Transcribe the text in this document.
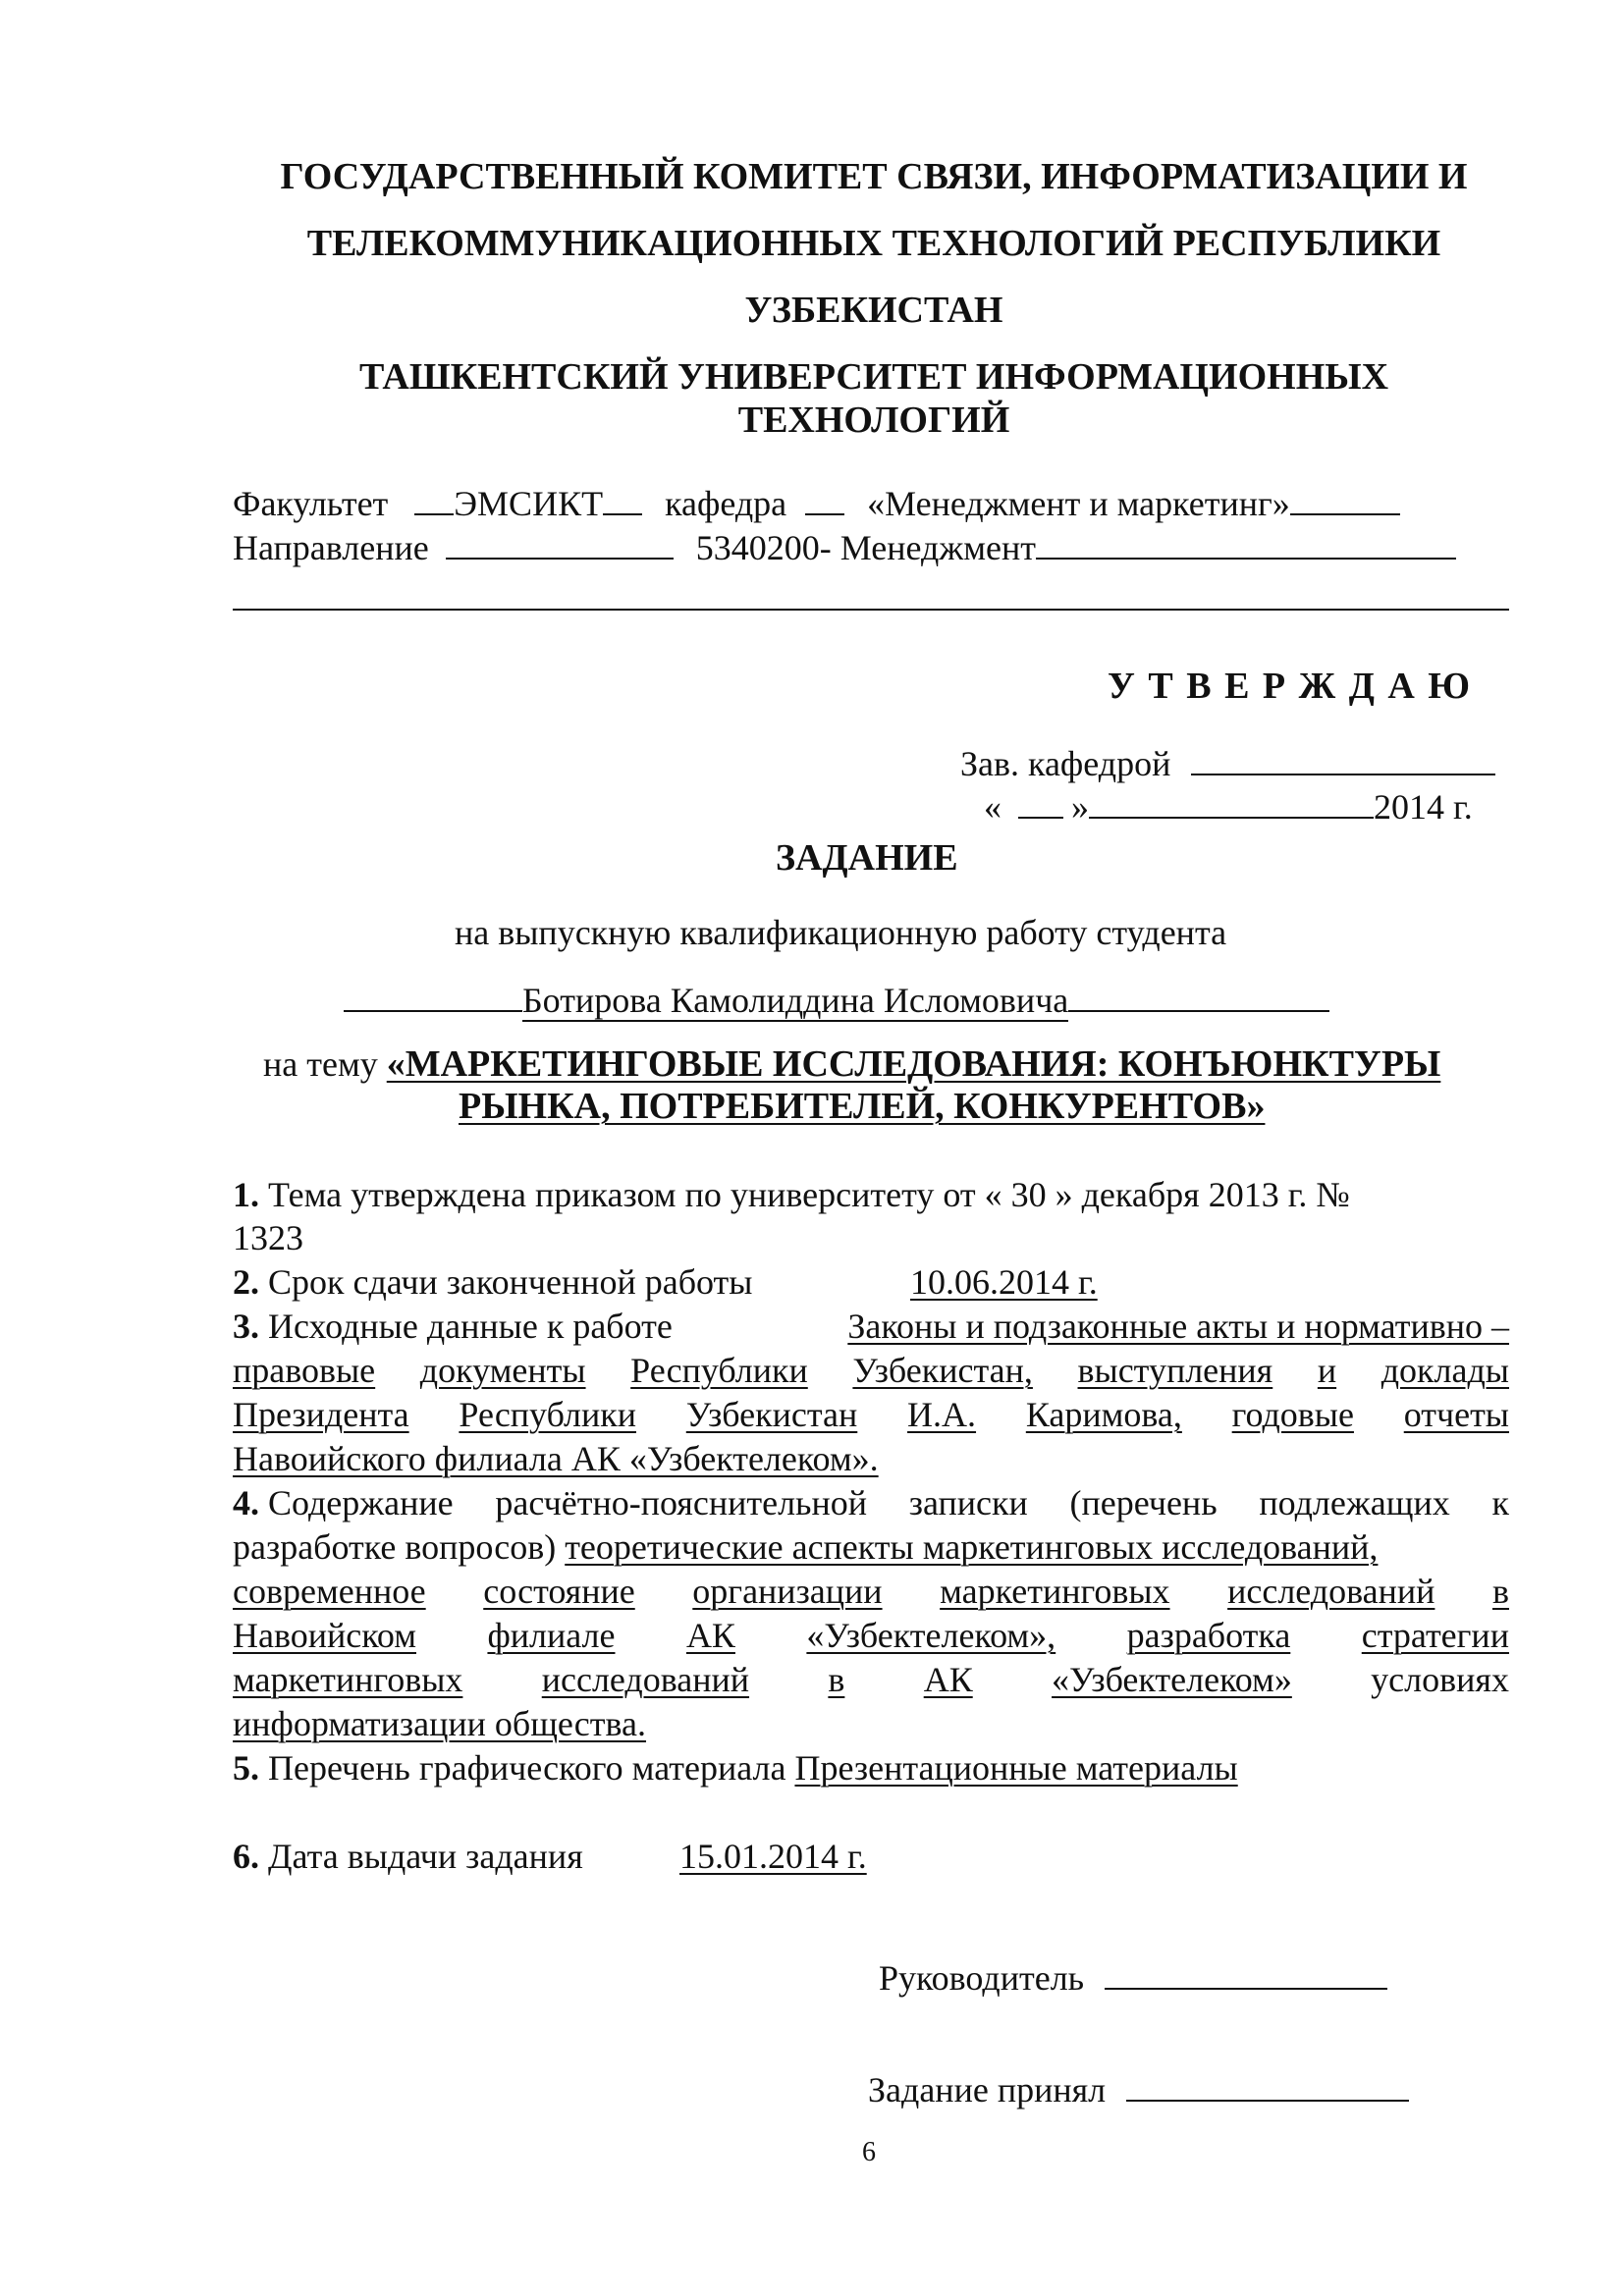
ГОСУДАРСТВЕННЫЙ КОМИТЕТ СВЯЗИ, ИНФОРМАТИЗАЦИИ И
ТЕЛЕКОММУНИКАЦИОННЫХ ТЕХНОЛОГИЙ РЕСПУБЛИКИ
УЗБЕКИСТАН
ТАШКЕНТСКИЙ УНИВЕРСИТЕТ ИНФОРМАЦИОННЫХ
ТЕХНОЛОГИЙ
Факультет ЭМСИКТ кафедра «Менеджмент и маркетинг»
Направление	5340200- Менеджмент
У Т В Е Р Ж Д А Ю
Зав. кафедрой
« »	2014 г.
ЗАДАНИЕ
на выпускную квалификационную работу студента
Ботирова Камолиддина Исломовича
на тему «МАРКЕТИНГОВЫЕ ИССЛЕДОВАНИЯ: КОНЪЮНКТУРЫ
РЫНКА, ПОТРЕБИТЕЛЕЙ, КОНКУРЕНТОВ»
1. Тема утверждена приказом по университету от « 30 » декабря 2013 г. №
1323
2. Срок сдачи законченной работы	10.06.2014 г.
3. Исходные данные к работе	Законы и подзаконные акты и нормативно –
правовые документы Республики Узбекистан, выступления и доклады
Президента Республики Узбекистан И.А. Каримова, годовые отчеты
Навоийского филиала АК «Узбектелеком».
4. Содержание расчётно-пояснительной записки (перечень подлежащих к
разработке вопросов) теоретические аспекты маркетинговых исследований,
современное состояние организации маркетинговых исследований в
Навоийском филиале АК «Узбектелеком», разработка стратегии
маркетинговых исследований в АК «Узбектелеком» условиях
информатизации общества.
5. Перечень графического материала Презентационные материалы
6. Дата выдачи задания	15.01.2014 г.
Руководитель
Задание принял
6
